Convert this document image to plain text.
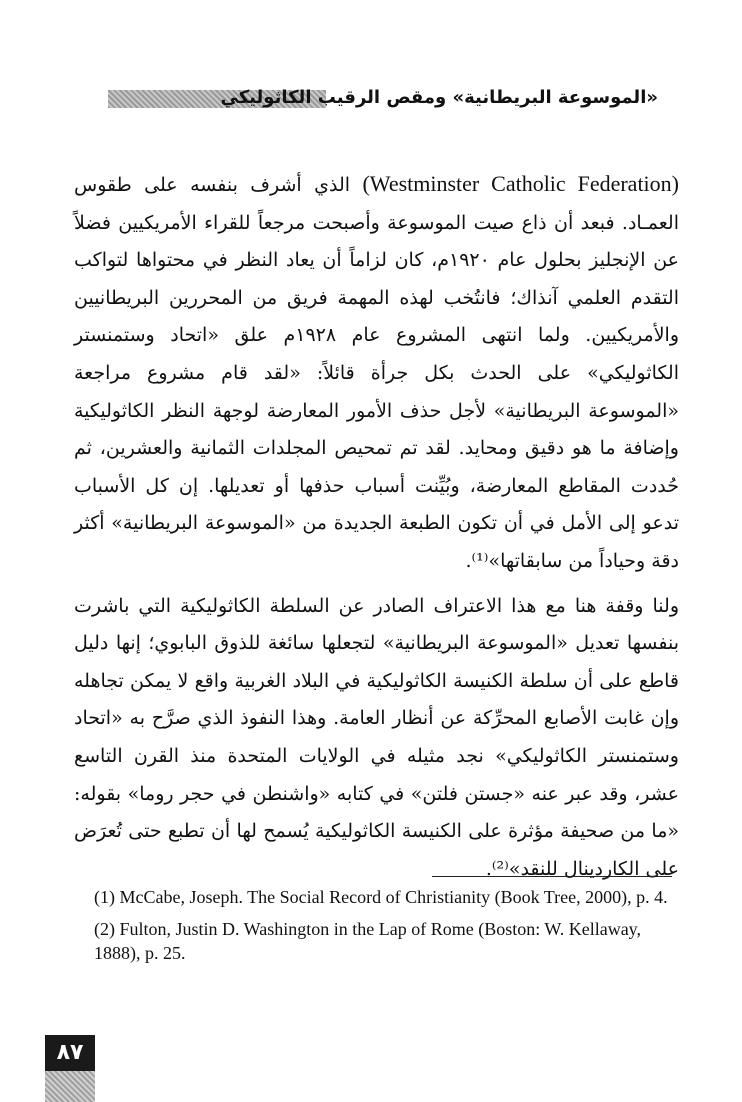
«الموسوعة البريطانية» ومقص الرقيب الكاثوليكي

(Westminster Catholic Federation) الذي أشرف بنفسه على طقوس العمـاد. فبعد أن ذاع صيت الموسوعة وأصبحت مرجعاً للقراء الأمريكيين فضلاً عن الإنجليز بحلول عام ١٩٢٠م، كان لزاماً أن يعاد النظر في محتواها لتواكب التقدم العلمي آنذاك؛ فانتُخب لهذه المهمة فريق من المحررين البريطانيين والأمريكيين. ولما انتهى المشروع عام ١٩٢٨م علق «اتحاد وستمنستر الكاثوليكي» على الحدث بكل جرأة قائلاً: «لقد قام مشروع مراجعة «الموسوعة البريطانية» لأجل حذف الأمور المعارضة لوجهة النظر الكاثوليكية وإضافة ما هو دقيق ومحايد. لقد تم تمحيص المجلدات الثمانية والعشرين، ثم حُددت المقاطع المعارضة، وبُيِّنت أسباب حذفها أو تعديلها. إن كل الأسباب تدعو إلى الأمل في أن تكون الطبعة الجديدة من «الموسوعة البريطانية» أكثر دقة وحياداً من سابقاتها»⁽¹⁾.

ولنا وقفة هنا مع هذا الاعتراف الصادر عن السلطة الكاثوليكية التي باشرت بنفسها تعديل «الموسوعة البريطانية» لتجعلها سائغة للذوق البابوي؛ إنها دليل قاطع على أن سلطة الكنيسة الكاثوليكية في البلاد الغربية واقع لا يمكن تجاهله وإن غابت الأصابع المحرِّكة عن أنظار العامة. وهذا النفوذ الذي صرَّح به «اتحاد وستمنستر الكاثوليكي» نجد مثيله في الولايات المتحدة منذ القرن التاسع عشر، وقد عبر عنه «جستن فلتن» في كتابه «واشنطن في حجر روما» بقوله: «ما من صحيفة مؤثرة على الكنيسة الكاثوليكية يُسمح لها أن تطبع حتى تُعرَض على الكاردينال للنقد»⁽²⁾.

(1) McCabe, Joseph. The Social Record of Christianity (Book Tree, 2000), p. 4.

(2) Fulton, Justin D. Washington in the Lap of Rome (Boston: W. Kellaway, 1888), p. 25.

٨٧
